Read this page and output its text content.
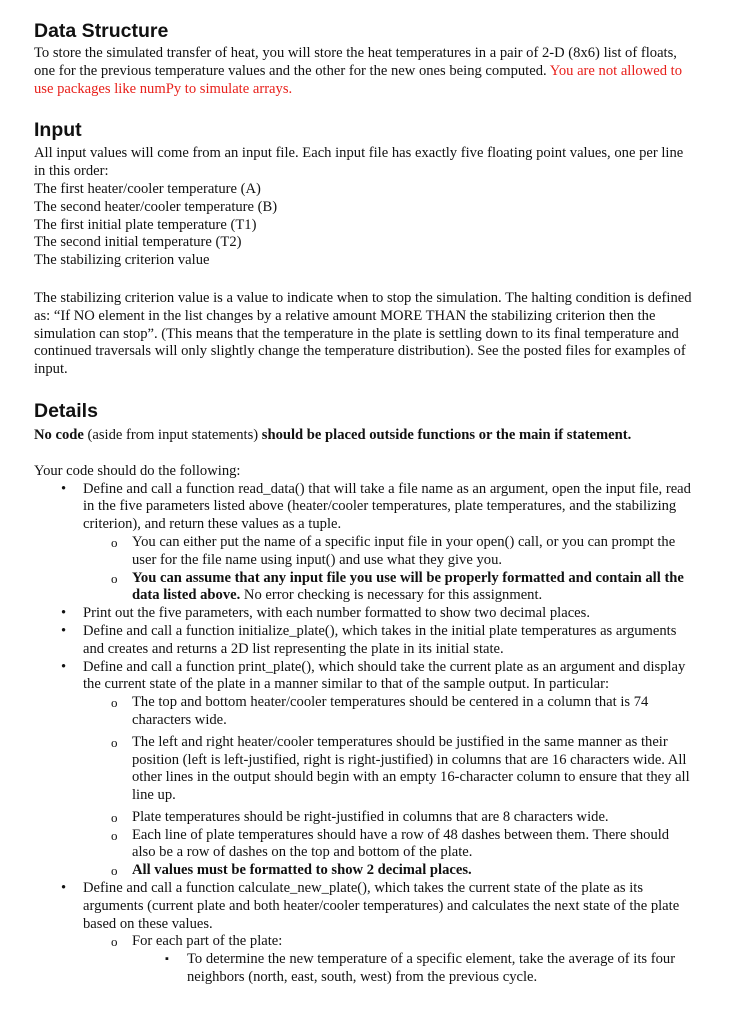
Data Structure

To store the simulated transfer of heat, you will store the heat temperatures in a pair of 2-D (8x6) list of floats, one for the previous temperature values and the other for the new ones being computed. You are not allowed to use packages like numPy to simulate arrays.

Input

All input values will come from an input file. Each input file has exactly five floating point values, one per line in this order:

The first heater/cooler temperature (A)

The second heater/cooler temperature (B)

The first initial plate temperature (T1)

The second initial temperature (T2)

The stabilizing criterion value

The stabilizing criterion value is a value to indicate when to stop the simulation. The halting condition is defined as: “If NO element in the list changes by a relative amount MORE THAN the stabilizing criterion then the simulation can stop”. (This means that the temperature in the plate is settling down to its final temperature and continued traversals will only slightly change the temperature distribution). See the posted files for examples of input.

Details

No code (aside from input statements) should be placed outside functions or the main if statement.

Your code should do the following:

• Define and call a function read_data() that will take a file name as an argument, open the input file, read in the five parameters listed above (heater/cooler temperatures, plate temperatures, and the stabilizing criterion), and return these values as a tuple.
o You can either put the name of a specific input file in your open() call, or you can prompt the user for the file name using input() and use what they give you.
o You can assume that any input file you use will be properly formatted and contain all the data listed above. No error checking is necessary for this assignment.
• Print out the five parameters, with each number formatted to show two decimal places.
• Define and call a function initialize_plate(), which takes in the initial plate temperatures as arguments and creates and returns a 2D list representing the plate in its initial state.
• Define and call a function print_plate(), which should take the current plate as an argument and display the current state of the plate in a manner similar to that of the sample output. In particular:
o The top and bottom heater/cooler temperatures should be centered in a column that is 74 characters wide.
o The left and right heater/cooler temperatures should be justified in the same manner as their position (left is left-justified, right is right-justified) in columns that are 16 characters wide. All other lines in the output should begin with an empty 16-character column to ensure that they all line up.
o Plate temperatures should be right-justified in columns that are 8 characters wide.
o Each line of plate temperatures should have a row of 48 dashes between them. There should also be a row of dashes on the top and bottom of the plate.
o All values must be formatted to show 2 decimal places.
• Define and call a function calculate_new_plate(), which takes the current state of the plate as its arguments (current plate and both heater/cooler temperatures) and calculates the next state of the plate based on these values.
o For each part of the plate:
▪ To determine the new temperature of a specific element, take the average of its four neighbors (north, east, south, west) from the previous cycle.
